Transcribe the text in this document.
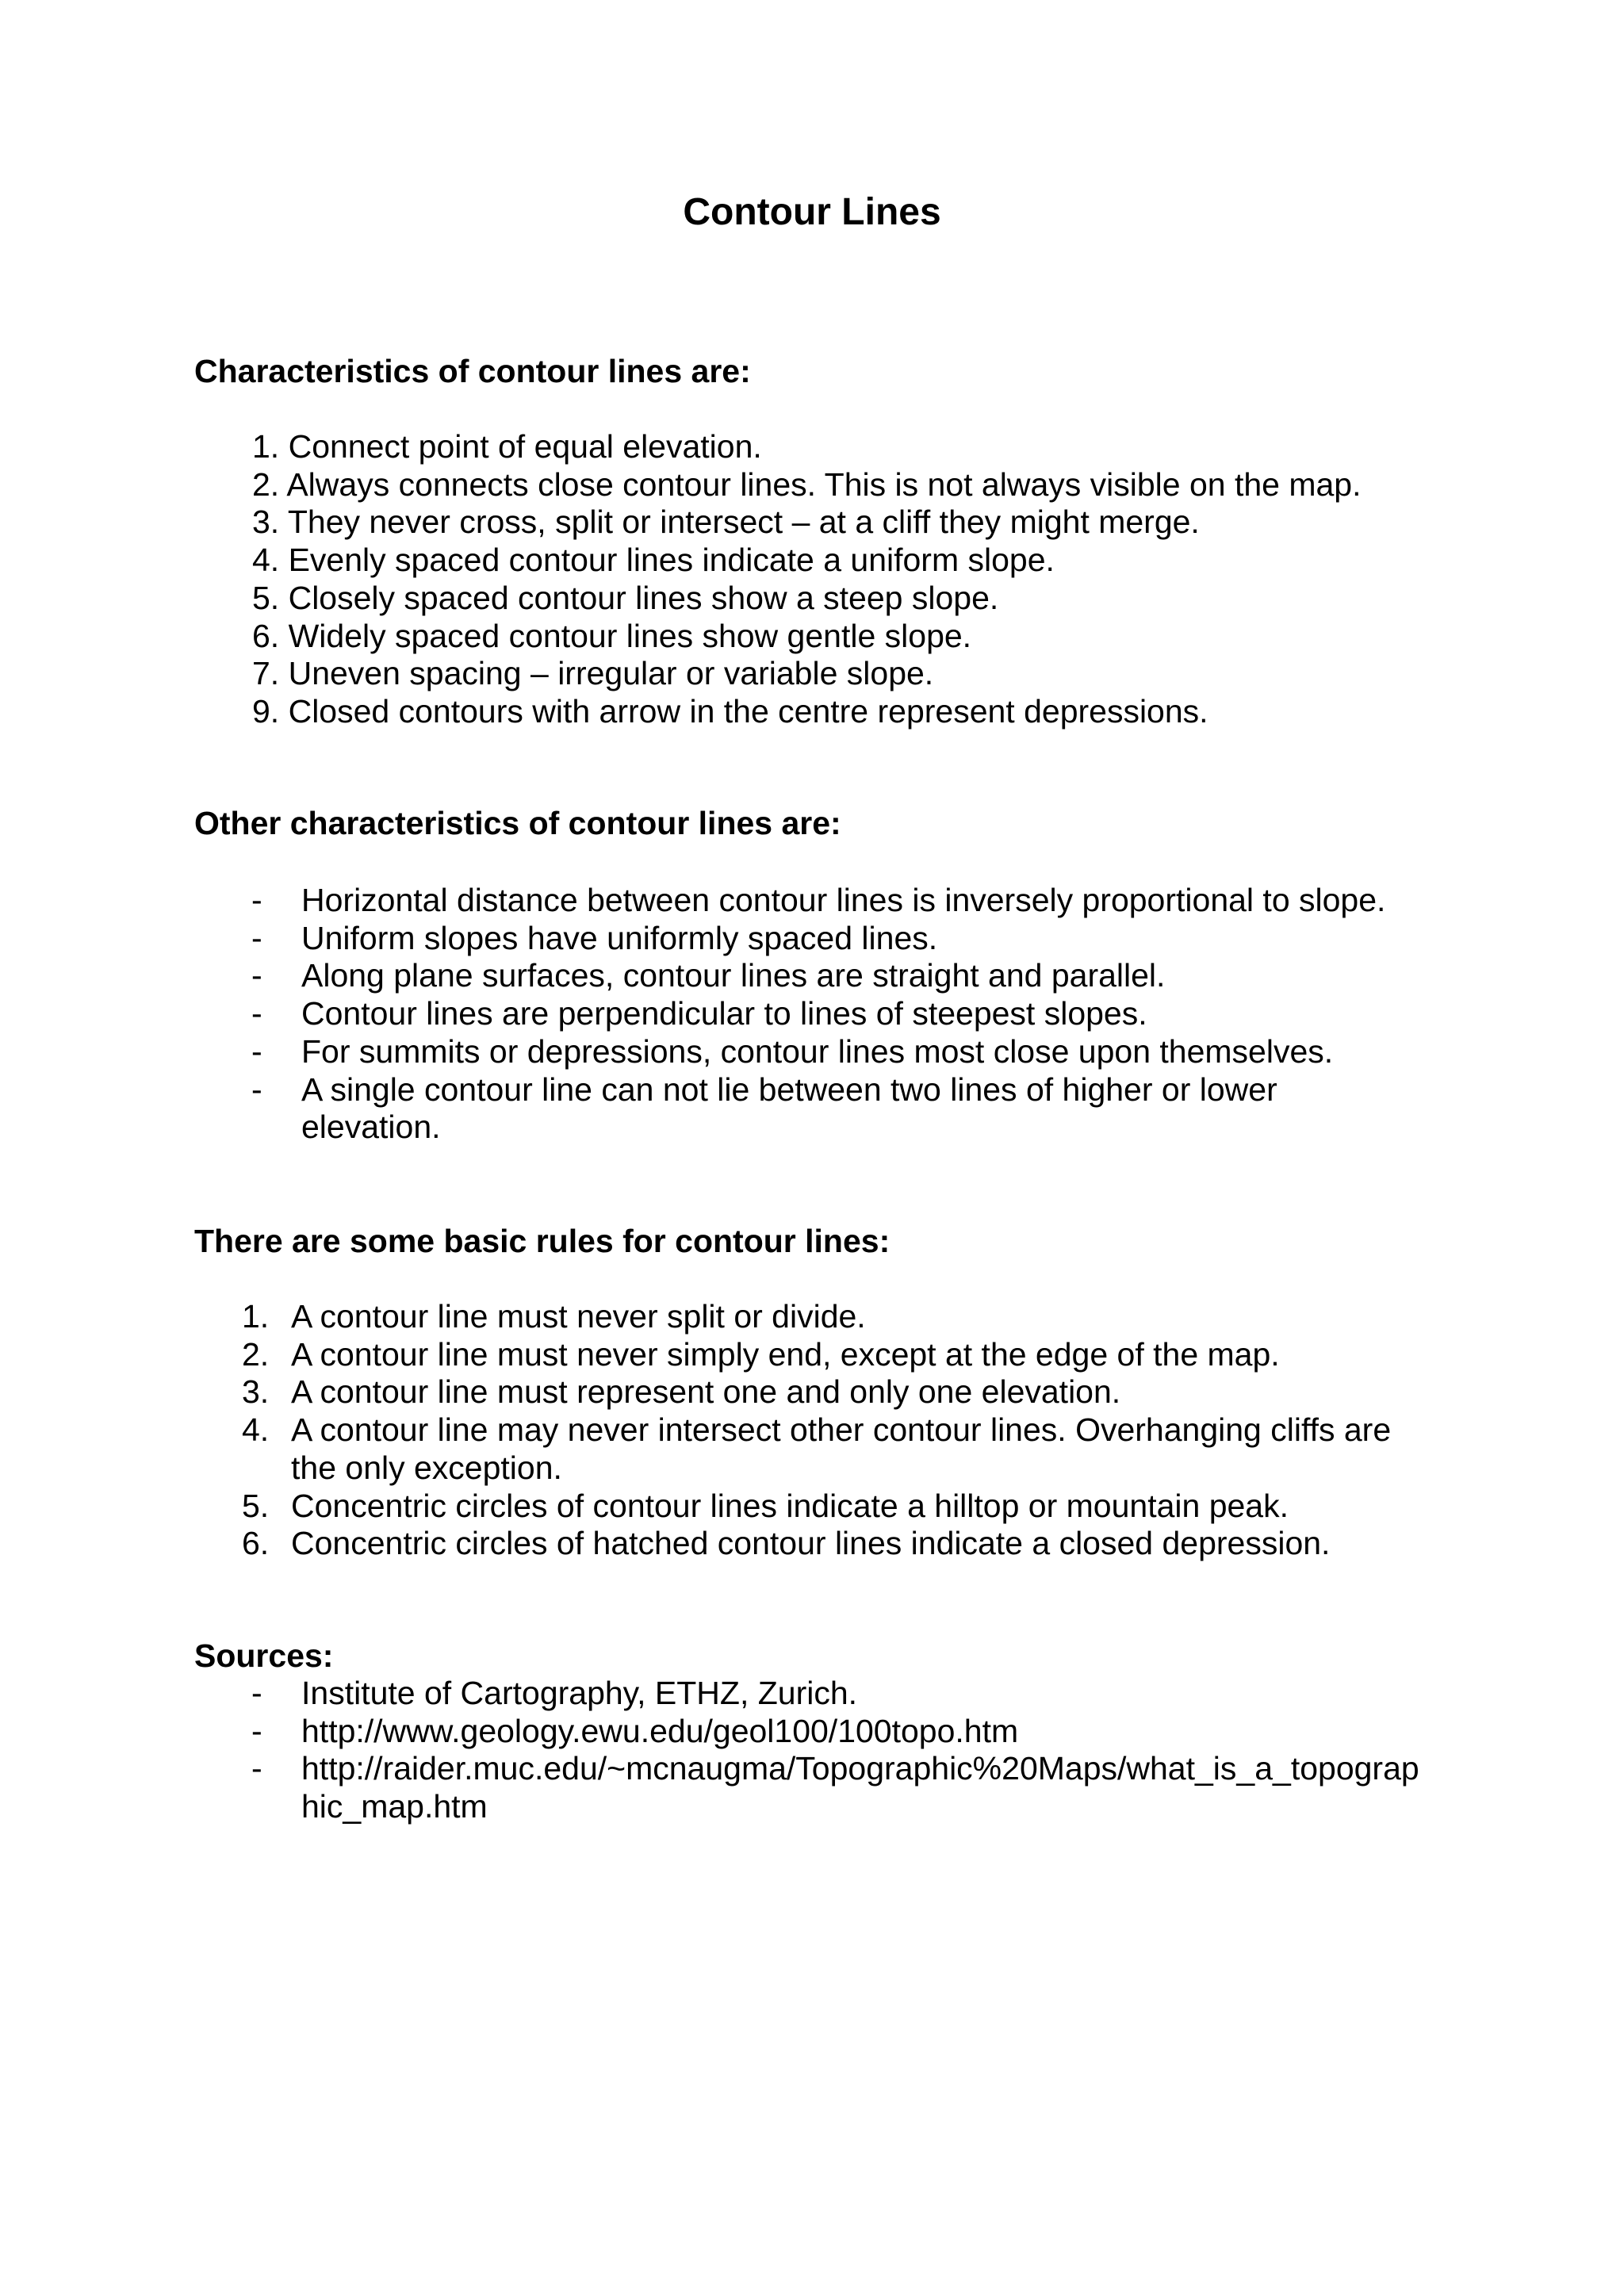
Contour Lines
Characteristics of contour lines are:
1. Connect point of equal elevation.
2. Always connects close contour lines. This is not always visible on the map.
3. They never cross, split or intersect – at a cliff they might merge.
4. Evenly spaced contour lines indicate a uniform slope.
5. Closely spaced contour lines show a steep slope.
6. Widely spaced contour lines show gentle slope.
7. Uneven spacing – irregular or variable slope.
9. Closed contours with arrow in the centre represent depressions.
Other characteristics of contour lines are:
- Horizontal distance between contour lines is inversely proportional to slope.
- Uniform slopes have uniformly spaced lines.
- Along plane surfaces, contour lines are straight and parallel.
- Contour lines are perpendicular to lines of steepest slopes.
- For summits or depressions, contour lines most close upon themselves.
- A single contour line can not lie between two lines of higher or lower elevation.
There are some basic rules for contour lines:
1. A contour line must never split or divide.
2. A contour line must never simply end, except at the edge of the map.
3. A contour line must represent one and only one elevation.
4. A contour line may never intersect other contour lines. Overhanging cliffs are the only exception.
5. Concentric circles of contour lines indicate a hilltop or mountain peak.
6. Concentric circles of hatched contour lines indicate a closed depression.
Sources:
- Institute of Cartography, ETHZ, Zurich.
- http://www.geology.ewu.edu/geol100/100topo.htm
- http://raider.muc.edu/~mcnaugma/Topographic%20Maps/what_is_a_topographic_map.htm
